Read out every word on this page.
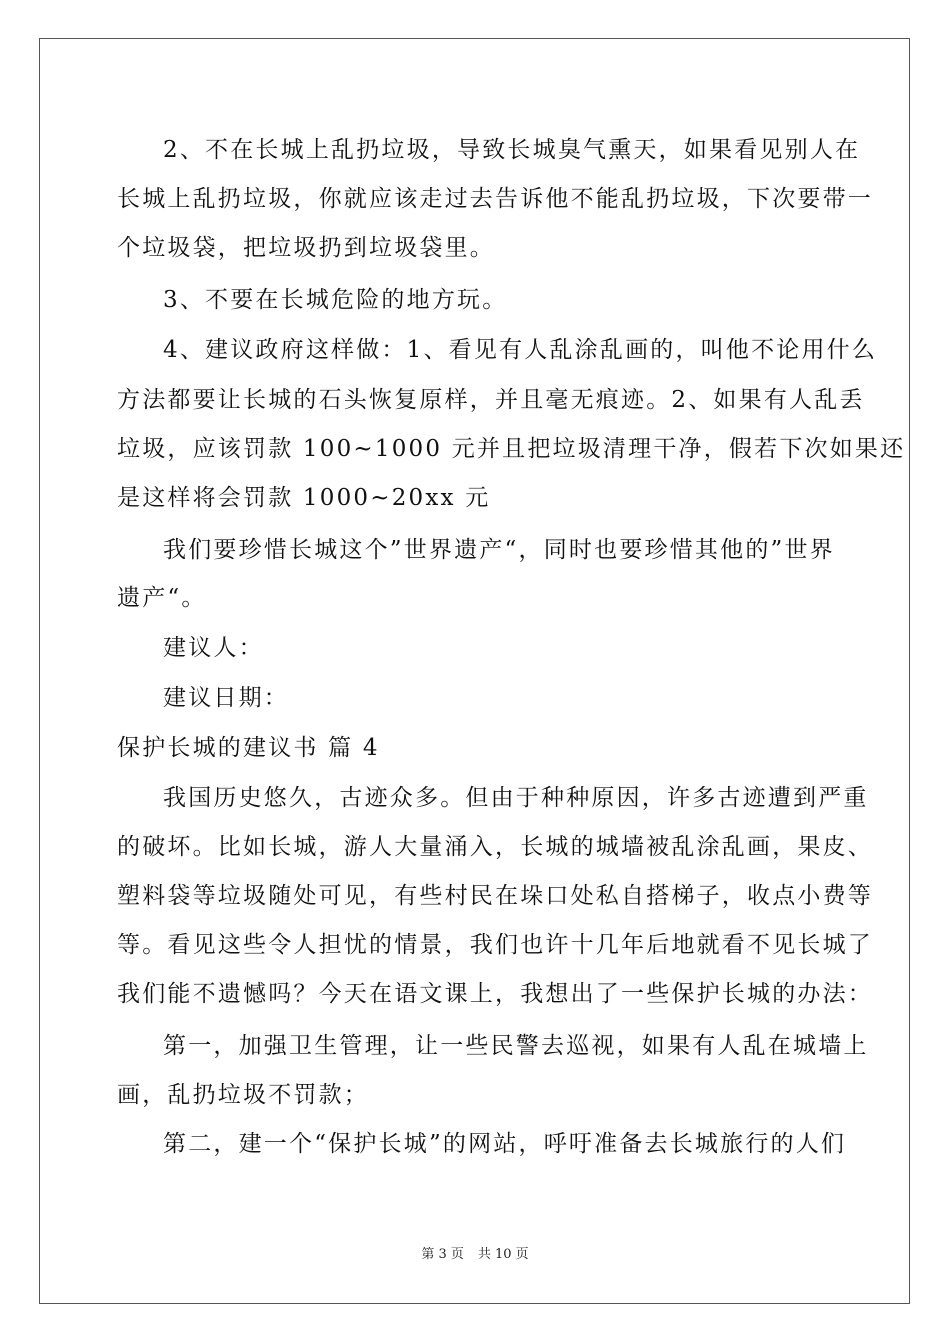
2、不在长城上乱扔垃圾，导致长城臭气熏天，如果看见别人在
长城上乱扔垃圾，你就应该走过去告诉他不能乱扔垃圾，下次要带一
个垃圾袋，把垃圾扔到垃圾袋里。
3、不要在长城危险的地方玩。
4、建议政府这样做：1、看见有人乱涂乱画的，叫他不论用什么
方法都要让长城的石头恢复原样，并且毫无痕迹。2、如果有人乱丢
垃圾，应该罚款 100~1000 元并且把垃圾清理干净，假若下次如果还
是这样将会罚款 1000~20xx 元
我们要珍惜长城这个”世界遗产“，同时也要珍惜其他的”世界
遗产“。
建议人：
建议日期：
保护长城的建议书 篇 4
我国历史悠久，古迹众多。但由于种种原因，许多古迹遭到严重
的破坏。比如长城，游人大量涌入，长城的城墙被乱涂乱画，果皮、
塑料袋等垃圾随处可见，有些村民在垛口处私自搭梯子，收点小费等
等。看见这些令人担忧的情景，我们也许十几年后地就看不见长城了
我们能不遗憾吗？今天在语文课上，我想出了一些保护长城的办法：
第一，加强卫生管理，让一些民警去巡视，如果有人乱在城墙上
画，乱扔垃圾不罚款；
第二，建一个“保护长城”的网站，呼吁准备去长城旅行的人们
第 3 页 共 10 页
